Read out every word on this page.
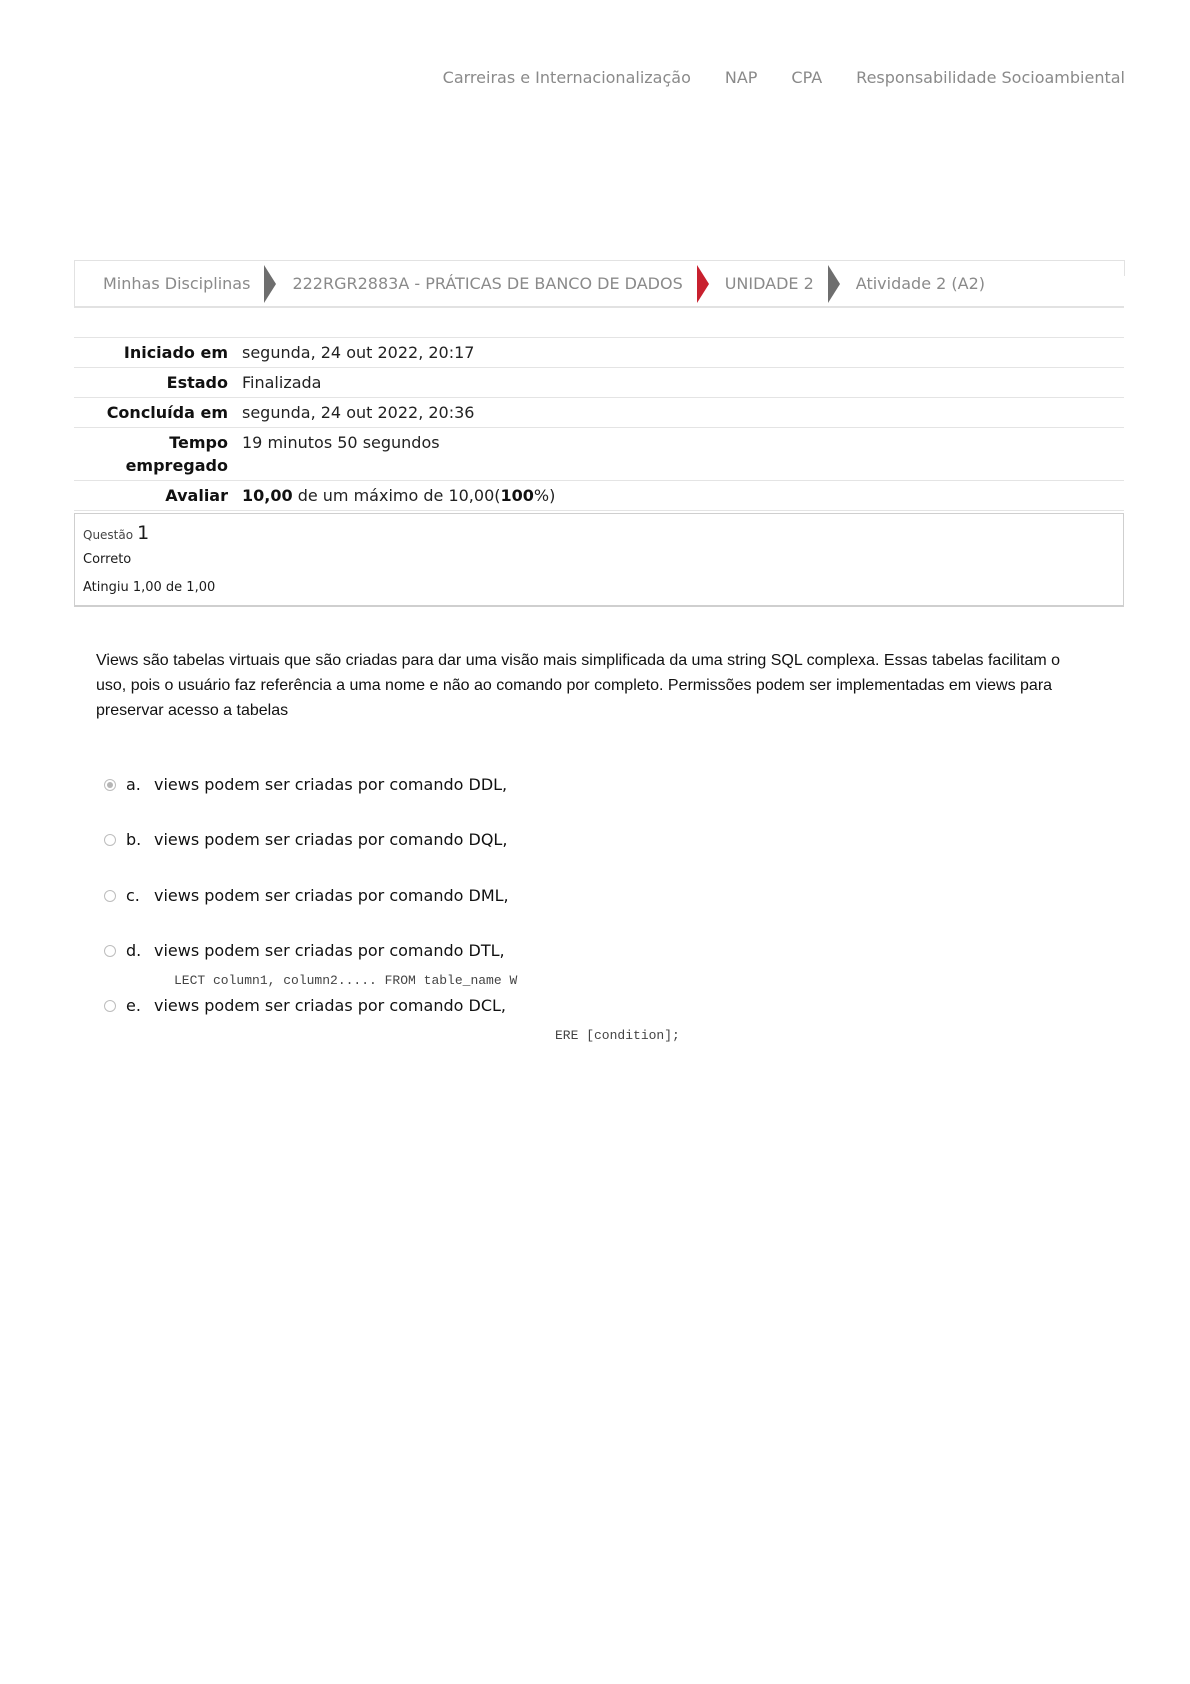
Carreiras e Internacionalização NAP CPA Responsabilidade Socioambiental
Minhas Disciplinas	222RGR2883A - PRÁTICAS DE BANCO DE DADOS	UNIDADE 2	Atividade 2 (A2)
Iniciado em	segunda, 24 out 2022, 20:17
Estado	Finalizada
Concluída em	segunda, 24 out 2022, 20:36
Tempo
empregado	19 minutos 50 segundos
Avaliar	10,00 de um máximo de 10,00(100%)
Questão 1
Correto
Atingiu 1,00 de 1,00
Views são tabelas virtuais que são criadas para dar uma visão mais simplificada da uma string SQL complexa. Essas tabelas facilitam o uso, pois o usuário faz referência a uma nome e não ao comando por completo. Permissões podem ser implementadas em views para preservar acesso a tabelas
a. views podem ser criadas por comando DDL,
b. views podem ser criadas por comando DQL,
c. views podem ser criadas por comando DML,
d. views podem ser criadas por comando DTL,
e. views podem ser criadas por comando DCL,
LECT column1, column2..... FROM table_name W
ERE [condition];
